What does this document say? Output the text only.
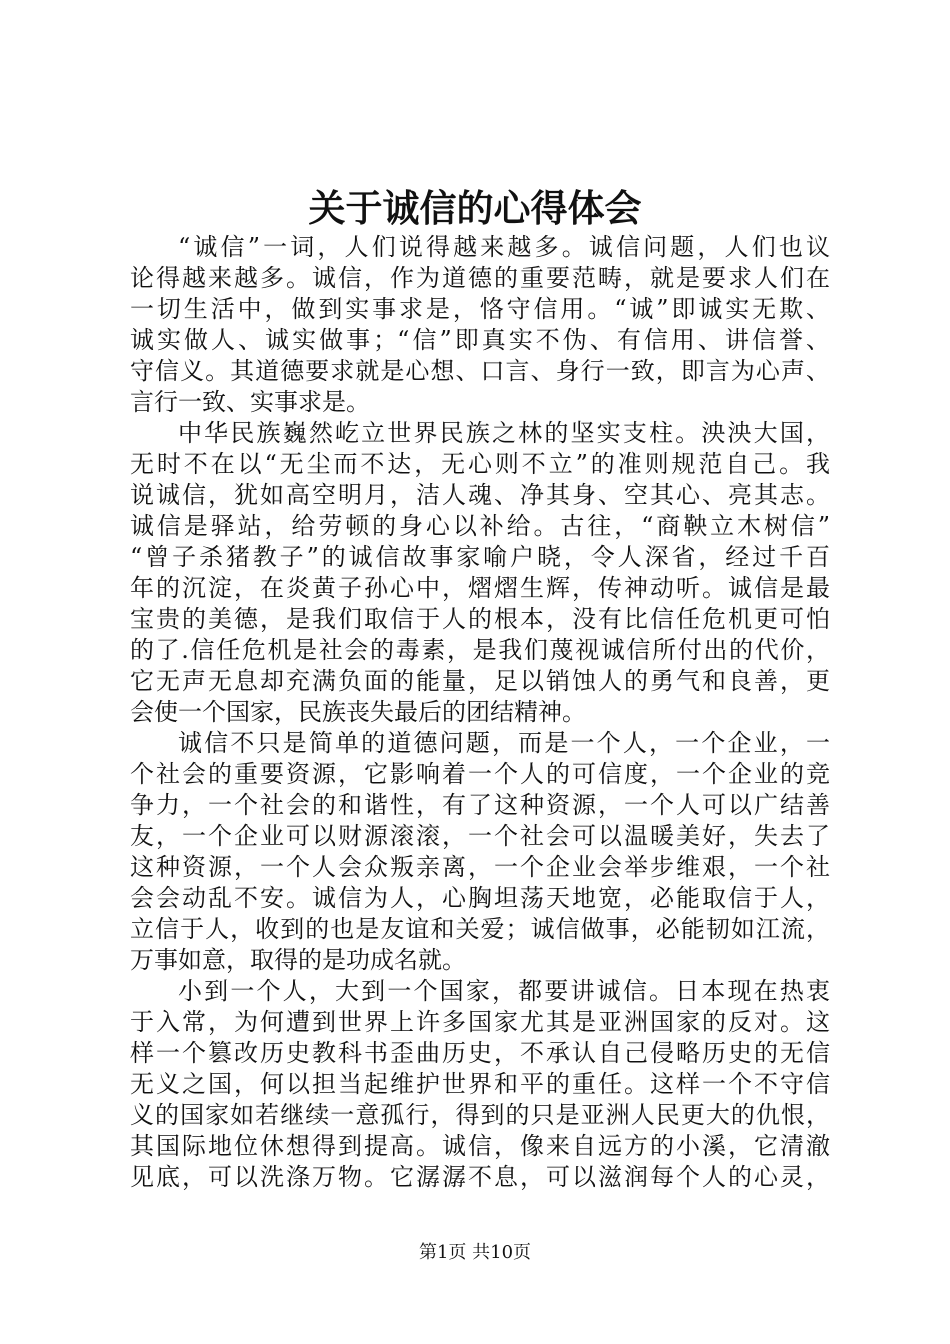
关于诚信的心得体会
“诚信”一词，人们说得越来越多。诚信问题，人们也议
论得越来越多。诚信，作为道德的重要范畴，就是要求人们在
一切生活中，做到实事求是，恪守信用。“诚”即诚实无欺、
诚实做人、诚实做事；“信”即真实不伪、有信用、讲信誉、
守信义。其道德要求就是心想、口言、身行一致，即言为心声、
言行一致、实事求是。
中华民族巍然屹立世界民族之林的坚实支柱。泱泱大国，
无时不在以“无尘而不达，无心则不立”的准则规范自己。我
说诚信，犹如高空明月，洁人魂、净其身、空其心、亮其志。
诚信是驿站，给劳顿的身心以补给。古往，“商鞅立木树信”
“曾子杀猪教子”的诚信故事家喻户晓，令人深省，经过千百
年的沉淀，在炎黄子孙心中，熠熠生辉，传神动听。诚信是最
宝贵的美德，是我们取信于人的根本，没有比信任危机更可怕
的了.信任危机是社会的毒素，是我们蔑视诚信所付出的代价，
它无声无息却充满负面的能量，足以销蚀人的勇气和良善，更
会使一个国家，民族丧失最后的团结精神。
诚信不只是简单的道德问题，而是一个人，一个企业，一
个社会的重要资源，它影响着一个人的可信度，一个企业的竞
争力，一个社会的和谐性，有了这种资源，一个人可以广结善
友，一个企业可以财源滚滚，一个社会可以温暖美好，失去了
这种资源，一个人会众叛亲离，一个企业会举步维艰，一个社
会会动乱不安。诚信为人，心胸坦荡天地宽，必能取信于人，
立信于人，收到的也是友谊和关爱；诚信做事，必能韧如江流，
万事如意，取得的是功成名就。
小到一个人，大到一个国家，都要讲诚信。日本现在热衷
于入常，为何遭到世界上许多国家尤其是亚洲国家的反对。这
样一个篡改历史教科书歪曲历史，不承认自己侵略历史的无信
无义之国，何以担当起维护世界和平的重任。这样一个不守信
义的国家如若继续一意孤行，得到的只是亚洲人民更大的仇恨，
其国际地位休想得到提高。诚信，像来自远方的小溪，它清澈
见底，可以洗涤万物。它潺潺不息，可以滋润每个人的心灵，
第1页 共10页
